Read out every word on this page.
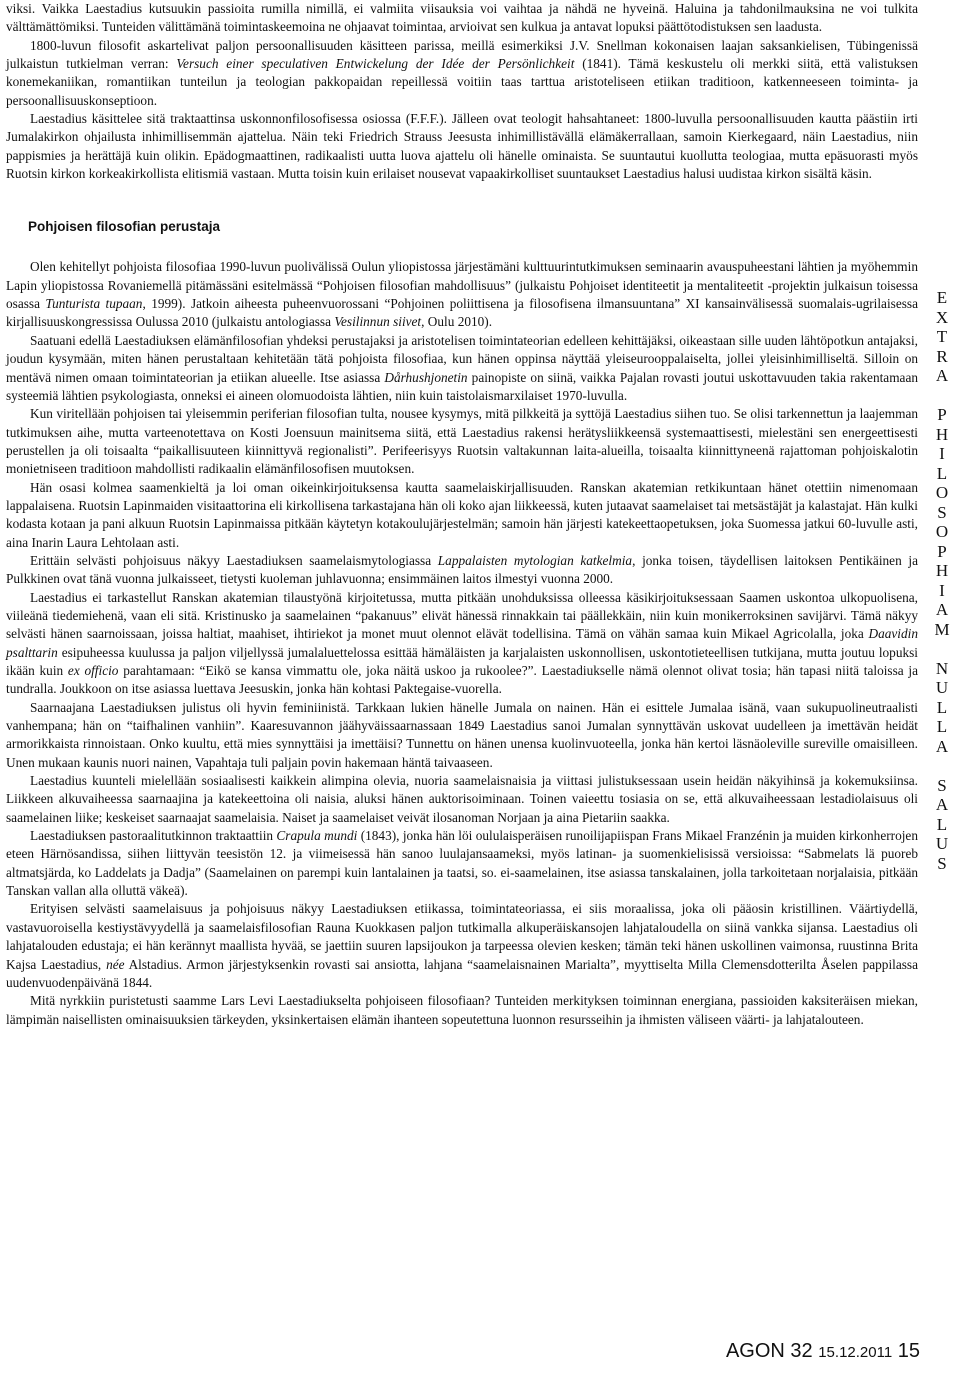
viksi. Vaikka Laestadius kutsuukin passioita rumilla nimillä, ei valmiita viisauksia voi vaihtaa ja nähdä ne hyveinä. Haluina ja tahdonilmauksina ne voi tulkita välttämättömiksi. Tunteiden välittämänä toimintaskeemoina ne ohjaavat toimintaa, arvioivat sen kulkua ja antavat lopuksi päättötodistuksen sen laadusta.

1800-luvun filosofit askartelivat paljon persoonallisuuden käsitteen parissa, meillä esimerkiksi J.V. Snellman kokonaisen laajan saksankielisen, Tübingenissä julkaistun tutkielman verran: Versuch einer speculativen Entwickelung der Idée der Persönlichkeit (1841). Tämä keskustelu oli merkki siitä, että valistuksen konemekaniikan, romantiikan tunteilun ja teologian pakkopaidan repeillessä voitiin taas tarttua aristoteliseen etiikan traditioon, katkenneeseen toiminta- ja persoonallisuuskonseptioon.

Laestadius käsittelee sitä traktaattinsa uskonnonfilosofisessa osiossa (F.F.F.). Jälleen ovat teologit hahsahtaneet: 1800-luvulla persoonallisuuden kautta päästiin irti Jumalakirkon ohjailusta inhimillisemmän ajattelua. Näin teki Friedrich Strauss Jeesusta inhimillistävällä elämäkerrallaan, samoin Kierkegaard, näin Laestadius, niin pappismies ja herättäjä kuin olikin. Epädogmaattinen, radikaalisti uutta luova ajattelu oli hänelle ominaista. Se suuntautui kuollutta teologiaa, mutta epäsuorasti myös Ruotsin kirkon korkeakirkollista elitismiä vastaan. Mutta toisin kuin erilaiset nousevat vapaakirkolliset suuntaukset Laestadius halusi uudistaa kirkon sisältä käsin.

Pohjoisen filosofian perustaja

Olen kehitellyt pohjoista filosofiaa 1990-luvun puolivälissä Oulun yliopistossa järjestämäni kulttuurintutkimuksen seminaarin avauspuheestani lähtien ja myöhemmin Lapin yliopistossa Rovaniemellä pitämässäni esitelmässä “Pohjoisen filosofian mahdollisuus” (julkaistu Pohjoiset identiteetit ja mentaliteetit -projektin julkaisun toisessa osassa Tunturista tupaan, 1999). Jatkoin aiheesta puheenvuorossani “Pohjoinen poliittisena ja filosofisena ilmansuuntana” XI kansainvälisessä suomalais-ugrilaisessa kirjallisuuskongressissa Oulussa 2010 (julkaistu antologiassa Vesilinnun siivet, Oulu 2010).

Saatuani edellä Laestadiuksen elämänfilosofian yhdeksi perustajaksi ja aristotelisen toimintateorian edelleen kehittäjäksi, oikeastaan sille uuden lähtöpotkun antajaksi, joudun kysymään, miten hänen perustaltaan kehitetään tätä pohjoista filosofiaa, kun hänen oppinsa näyttää yleiseurooppalaiselta, jollei yleisinhimilliseltä. Silloin on mentävä nimen omaan toimintateorian ja etiikan alueelle. Itse asiassa Dårhushjonetin painopiste on siinä, vaikka Pajalan rovasti joutui uskottavuuden takia rakentamaan systeemiä lähtien psykologiasta, onneksi ei aineen olomuodoista lähtien, niin kuin taistolaismarxilaiset 1970-luvulla.

Kun viritellään pohjoisen tai yleisemmin periferian filosofian tulta, nousee kysymys, mitä pilkkeitä ja syttöjä Laestadius siihen tuo. Se olisi tarkennettun ja laajemman tutkimuksen aihe, mutta varteenotettava on Kosti Joensuun mainitsema siitä, että Laestadius rakensi herätysliikkeensä systemaattisesti, mielestäni sen energeettisesti perustellen ja oli toisaalta “paikallisuuteen kiinnittyvä regionalisti”. Perifeerisyys Ruotsin valtakunnan laita-alueilla, toisaalta kiinnittyneenä rajattoman pohjoiskalotin monietniseen traditioon mahdollisti radikaalin elämänfilosofisen muutoksen.

Hän osasi kolmea saamenkieltä ja loi oman oikeinkirjoituksensa kautta saamelaiskirjallisuuden. Ranskan akatemian retkikuntaan hänet otettiin nimenomaan lappalaisena. Ruotsin Lapinmaiden visitaattorina eli kirkollisena tarkastajana hän oli koko ajan liikkeessä, kuten jutaavat saamelaiset tai metsästäjät ja kalastajat. Hän kulki kodasta kotaan ja pani alkuun Ruotsin Lapinmaissa pitkään käytetyn kotakoulujärjestelmän; samoin hän järjesti katekeettaopetuksen, joka Suomessa jatkui 60-luvulle asti, aina Inarin Laura Lehtolaan asti.

Erittäin selvästi pohjoisuus näkyy Laestadiuksen saamelaismytologiassa Lappalaisten mytologian katkelmia, jonka toisen, täydellisen laitoksen Pentikäinen ja Pulkkinen ovat tänä vuonna julkaisseet, tietysti kuoleman juhlavuonna; ensimmäinen laitos ilmestyi vuonna 2000.

Laestadius ei tarkastellut Ranskan akatemian tilaustyönä kirjoitetussa, mutta pitkään unohduksissa olleessa käsikirjoituksessaan Saamen uskontoa ulkopuolisena, viileänä tiedemiehenä, vaan eli sitä. Kristinusko ja saamelainen “pakanuus” elivät hänessä rinnakkain tai päällekkäin, niin kuin monikerroksinen savijärvi. Tämä näkyy selvästi hänen saarnoissaan, joissa haltiat, maahiset, ihtiriekot ja monet muut olennot elävät todellisina. Tämä on vähän samaa kuin Mikael Agricolalla, joka Daavidin psalttarin esipuheessa kuulussa ja paljon viljellyssä jumalaluettelossa esittää hämäläisten ja karjalaisten uskonnollisen, uskontotieteellisen tutkijana, mutta joutuu lopuksi ikään kuin ex officio parahtamaan: “Eikö se kansa vimmattu ole, joka näitä uskoo ja rukoolee?”. Laestadiukselle nämä olennot olivat tosia; hän tapasi niitä taloissa ja tundralla. Joukkoon on itse asiassa luettava Jeesuskin, jonka hän kohtasi Paktegaise-vuorella.

Saarnaajana Laestadiuksen julistus oli hyvin feminiinistä. Tarkkaan lukien hänelle Jumala on nainen. Hän ei esittele Jumalaa isänä, vaan sukupuolineutraalisti vanhempana; hän on “taifhalinen vanhiin”. Kaaresuvannon jäähyväissaarnassaan 1849 Laestadius sanoi Jumalan synnyttävän uskovat uudelleen ja imettävän heidät armorikkaista rinnoistaan. Onko kuultu, että mies synnyttäisi ja imettäisi? Tunnettu on hänen unensa kuolinvuoteella, jonka hän kertoi läsnäoleville sureville omaisilleen. Unen mukaan kaunis nuori nainen, Vapahtaja tuli paljain povin hakemaan häntä taivaaseen.

Laestadius kuunteli mielellään sosiaalisesti kaikkein alimpina olevia, nuoria saamelaisnaisia ja viittasi julistuksessaan usein heidän näkyihinsä ja kokemuksiinsa. Liikkeen alkuvaiheessa saarnaajina ja katekeettoina oli naisia, aluksi hänen auktorisoiminaan. Toinen vaieettu tosiasia on se, että alkuvaiheessaan lestadiolaisuus oli saamelainen liike; keskeiset saarnaajat saamelaisia. Naiset ja saamelaiset veivät ilosanoman Norjaan ja aina Pietariin saakka.

Laestadiuksen pastoraalitutkinnon traktaattiin Crapula mundi (1843), jonka hän löi oululaisperäisen runoilijapiispan Frans Mikael Franzénin ja muiden kirkonherrojen eteen Härnösandissa, siihen liittyvän teesistön 12. ja viimeisessä hän sanoo luulajansaameksi, myös latinan- ja suomenkielisissä versioissa: “Sabmelats lä puoreb altmatsjärda, ko Laddelats ja Dadja” (Saamelainen on parempi kuin lantalainen ja taatsi, so. ei-saamelainen, itse asiassa tanskalainen, jolla tarkoitetaan norjalaisia, pitkään Tanskan vallan alla olluttä väkeä).

Erityisen selvästi saamelaisuus ja pohjoisuus näkyy Laestadiuksen etiikassa, toimintateoriassa, ei siis moraalissa, joka oli pääosin kristillinen. Väärtiydellä, vastavuoroisella kestiystävyydellä ja saamelaisfilosofian Rauna Kuokkasen paljon tutkimalla alkuperäiskansojen lahjataloudella on siinä vankka sijansa. Laestadius oli lahjatalouden edustaja; ei hän kerännyt maallista hyvää, se jaettiin suuren lapsijoukon ja tarpeessa olevien kesken; tämän teki hänen uskollinen vaimonsa, ruustinna Brita Kajsa Laestadius, née Alstadius. Armon järjestyksenkin rovasti sai ansiotta, lahjana “saamelaisnainen Marialta”, myyttiselta Milla Clemensdotterilta Åselen pappilassa uudenvuodenpäivänä 1844.

Mitä nyrkkiin puristetusti saamme Lars Levi Laestadiukselta pohjoiseen filosofiaan? Tunteiden merkityksen toiminnan energiana, passioiden kaksiteräisen miekan, lämpimän naisellisten ominaisuuksien tärkeyden, yksinkertaisen elämän ihanteen sopeutettuna luonnon resursseihin ja ihmisten väliseen väärti- ja lahjatalouteen.

E
X
T
R
A

P
H
I
L
O
S
O
P
H
I
A
M

N
U
L
L
A

S
A
L
U
S
AGON 32 15.12.2011 15
